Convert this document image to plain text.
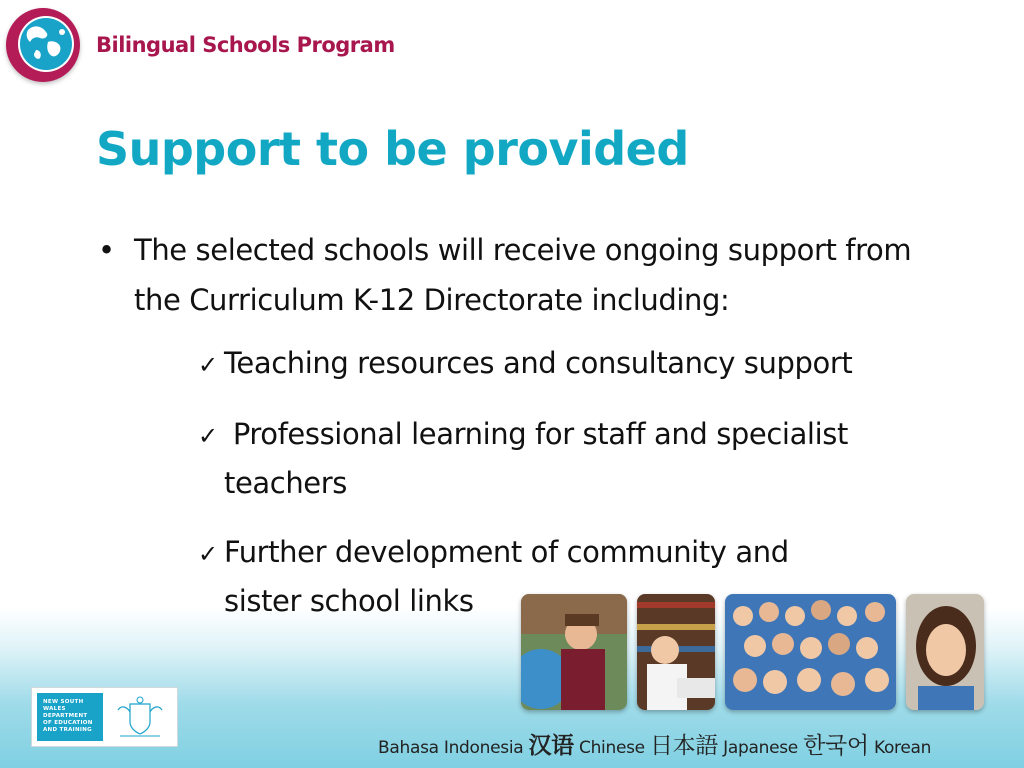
Bilingual Schools Program
Support to be provided
• The selected schools will receive ongoing support from the Curriculum K-12 Directorate including:
✓ Teaching resources and consultancy support
✓ Professional learning for staff and specialist
teachers
✓ Further development of community and
sister school links
NEW SOUTH WALES
DEPARTMENT
OF EDUCATION
AND TRAINING
Bahasa Indonesia 汉语 Chinese 日本語 Japanese 한국어 Korean
